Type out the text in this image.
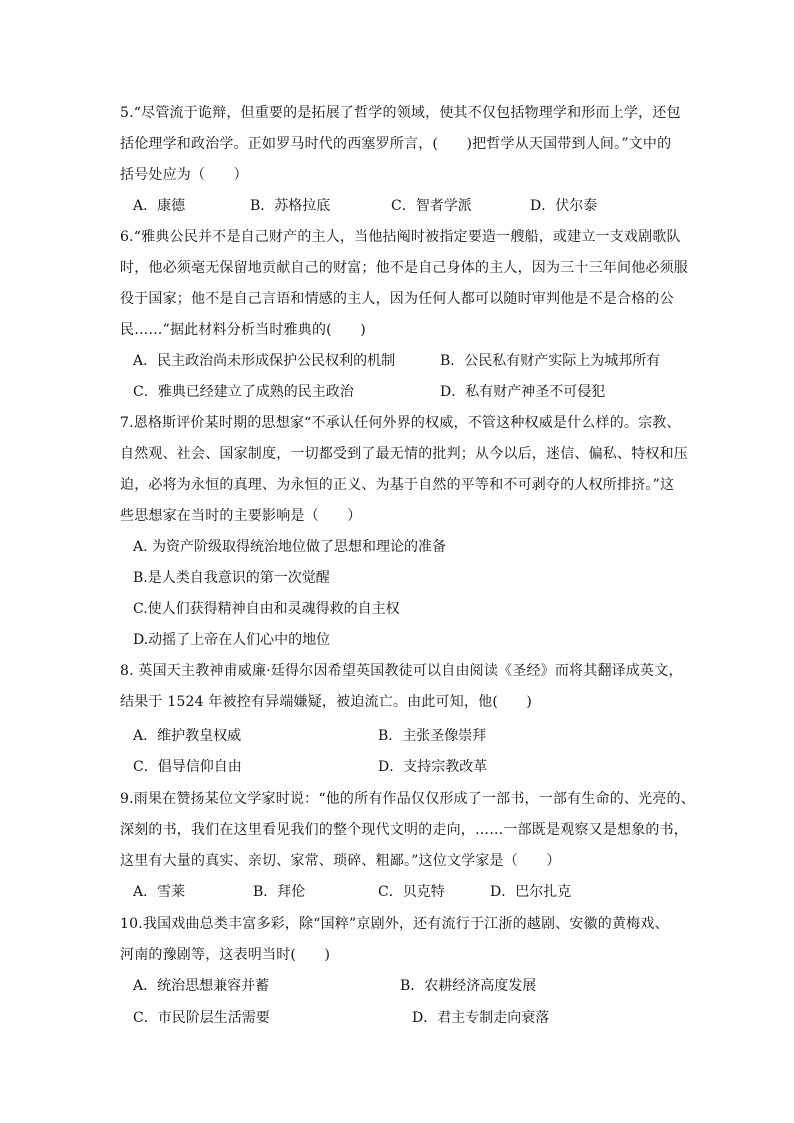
5.“尽管流于诡辩，但重要的是拓展了哲学的领域，使其不仅包括物理学和形而上学，还包
括伦理学和政治学。正如罗马时代的西塞罗所言，(　　)把哲学从天国带到人间。”文中的
括号处应为（　　）
A．康德	B．苏格拉底	C．智者学派	D．伏尔泰
6.“雅典公民并不是自己财产的主人，当他拈阄时被指定要造一艘船，或建立一支戏剧歌队
时，他必须毫无保留地贡献自己的财富；他不是自己身体的主人，因为三十三年间他必须服
役于国家；他不是自己言语和情感的主人，因为任何人都可以随时审判他是不是合格的公
民……”据此材料分析当时雅典的(　　)
A．民主政治尚未形成保护公民权利的机制	B．公民私有财产实际上为城邦所有
C．雅典已经建立了成熟的民主政治	D．私有财产神圣不可侵犯
7.恩格斯评价某时期的思想家“不承认任何外界的权威，不管这种权威是什么样的。宗教、
自然观、社会、国家制度，一切都受到了最无情的批判；从今以后，迷信、偏私、特权和压
迫，必将为永恒的真理、为永恒的正义、为基于自然的平等和不可剥夺的人权所排挤。”这
些思想家在当时的主要影响是（　　）
A. 为资产阶级取得统治地位做了思想和理论的准备
B.是人类自我意识的第一次觉醒
C.使人们获得精神自由和灵魂得救的自主权
D.动摇了上帝在人们心中的地位
8. 英国天主教神甫威廉·廷得尔因希望英国教徒可以自由阅读《圣经》而将其翻译成英文，
结果于 1524 年被控有异端嫌疑，被迫流亡。由此可知，他(　　)
A．维护教皇权威	B．主张圣像崇拜
C．倡导信仰自由	D．支持宗教改革
9.雨果在赞扬某位文学家时说：“他的所有作品仅仅形成了一部书，一部有生命的、光亮的、
深刻的书，我们在这里看见我们的整个现代文明的走向，……一部既是观察又是想象的书，
这里有大量的真实、亲切、家常、琐碎、粗鄙。”这位文学家是（　　）
A．雪莱	B．拜伦	C．贝克特	D．巴尔扎克
10.我国戏曲总类丰富多彩，除“国粹”京剧外，还有流行于江浙的越剧、安徽的黄梅戏、
河南的豫剧等，这表明当时(　　)
A．统治思想兼容并蓄	B．农耕经济高度发展
C．市民阶层生活需要	D．君主专制走向衰落
